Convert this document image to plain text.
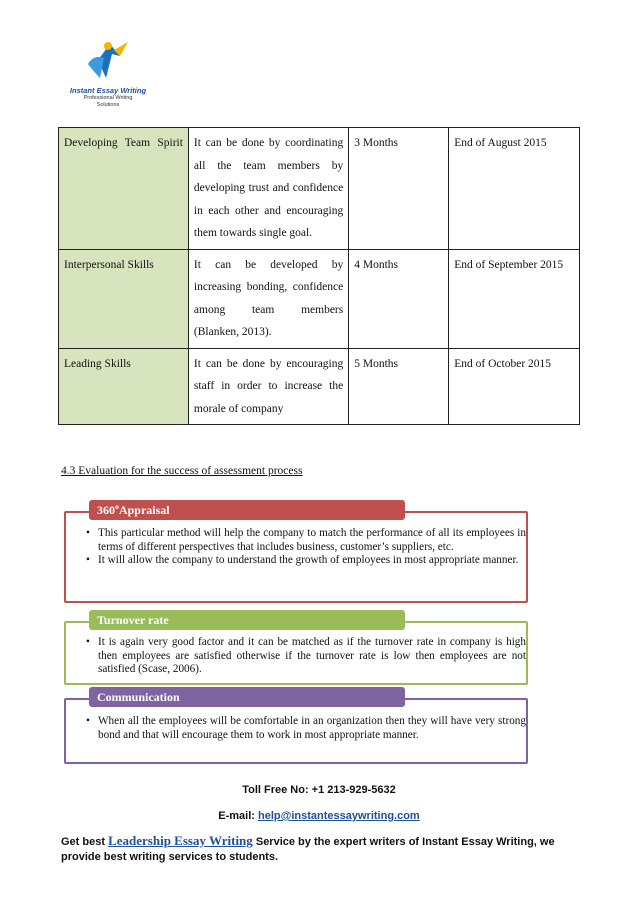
Instant Essay Writing
Professional Writing
Solutions
Developing Team Spirit	It can be done by coordinating all the team members by developing trust and confidence in each other and encouraging them towards single goal.	3 Months	End of August 2015
Interpersonal Skills	It can be developed by increasing bonding, confidence among team members (Blanken, 2013).	4 Months	End of September 2015
Leading Skills	It can be done by encouraging staff in order to increase the morale of company	5 Months	End of October 2015
4.3 Evaluation for the success of assessment process
• This particular method will help the company to match the performance of all its employees in terms of different perspectives that includes business, customer’s suppliers, etc.
• It will allow the company to understand the growth of employees in most appropriate manner.
360ºAppraisal
• It is again very good factor and it can be matched as if the turnover rate in company is high then employees are satisfied otherwise if the turnover rate is low then employees are not satisfied (Scase, 2006).
Turnover rate
• When all the employees will be comfortable in an organization then they will have very strong bond and that will encourage them to work in most appropriate manner.
Communication
Toll Free No: +1 213-929-5632
E-mail: help@instantessaywriting.com
Get best Leadership Essay Writing Service by the expert writers of Instant Essay Writing, we provide best writing services to students.
